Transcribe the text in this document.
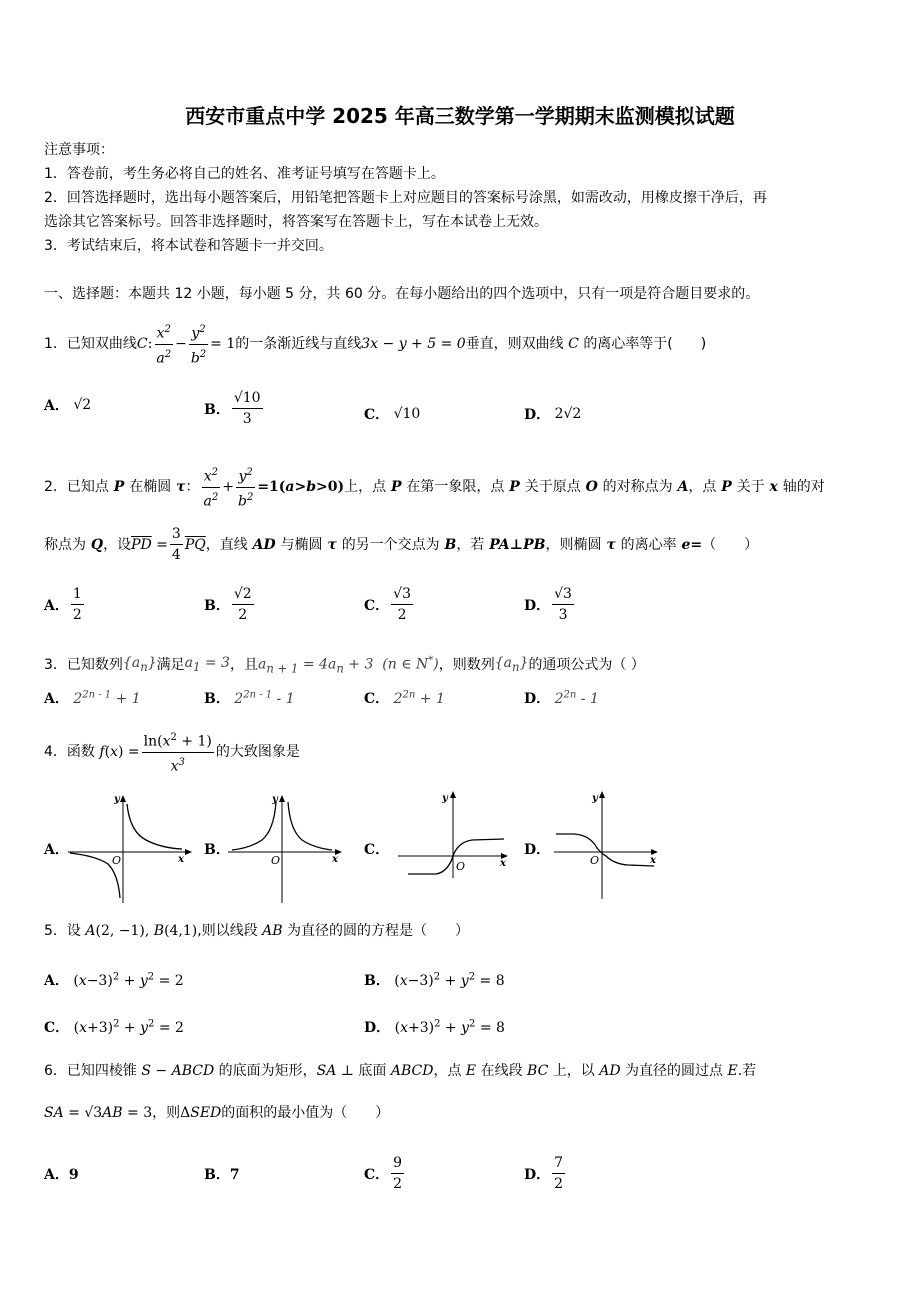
西安市重点中学 2025 年高三数学第一学期期末监测模拟试题
注意事项：
1．答卷前，考生务必将自己的姓名、准考证号填写在答题卡上。
2．回答选择题时，选出每小题答案后，用铅笔把答题卡上对应题目的答案标号涂黑，如需改动，用橡皮擦干净后，再
选涂其它答案标号。回答非选择题时，将答案写在答题卡上，写在本试卷上无效。
3．考试结束后，将本试卷和答题卡一并交回。
一、选择题：本题共 12 小题，每小题 5 分，共 60 分。在每小题给出的四个选项中，只有一项是符合题目要求的。
1．已知双曲线 C : $\frac{x^2}{a^2} - \frac{y^2}{b^2} = 1$ 的一条渐近线与直线 3x − y + 5 = 0 垂直，则双曲线 C 的离心率等于(　　)
A． √2	B． $\frac{√10}{3}$	C． √10	D． 2√2
2．已知点 P 在椭圆 τ ： $\frac{x^2}{a^2} + \frac{y^2}{b^2} =1(a>b>0)$ 上，点 P 在第一象限，点 P 关于原点 O 的对称点为 A ，点 P 关于 x 轴的对
称点为 Q ，设 $\overline{PD} = \frac{3}{4} \overline{PQ}$ ，直线 AD 与椭圆 τ 的另一个交点为 B ，若 PA⊥PB ，则椭圆 τ 的离心率 e= （　　）
A． $\frac{1}{2}$	B． $\frac{√2}{2}$	C． $\frac{√3}{2}$	D． $\frac{√3}{3}$
3．已知数列 $\{a_n\}$ 满足 $a_1 = 3$ ，且 $a_{n + 1} = 4a_n + 3$  (n ∈ N*) ，则数列 $\{a_n\}$ 的通项公式为（ ）
A． $2^{2n - 1} + 1$	B． $2^{2n - 1} - 1$	C． $2^{2n} + 1$	D． $2^{2n} - 1$
4．函数 f ( x ) = $\frac{\ln(x^2 + 1)}{x^3}$ 的大致图象是
A．
y
x
O
B．
y
x
O
C．
y
x
O
D．
y
x
O
5．设 A (2, −1), B (4,1) ,则以线段 AB 为直径的圆的方程是（　　）
A． $(x-3)^2 + y^2 = 2$	B． $(x-3)^2 + y^2 = 8$
C． $(x+3)^2 + y^2 = 2$	D． $(x+3)^2 + y^2 = 8$
6．已知四棱锥 S − ABCD 的底面为矩形， SA ⊥ 底面 ABCD ，点 E 在线段 BC 上，以 AD 为直径的圆过点 E .若
SA = √3 AB = 3 ，则 Δ SED 的面积的最小值为（　　）
A．9	B．7	C． $\frac{9}{2}$	D． $\frac{7}{2}$
